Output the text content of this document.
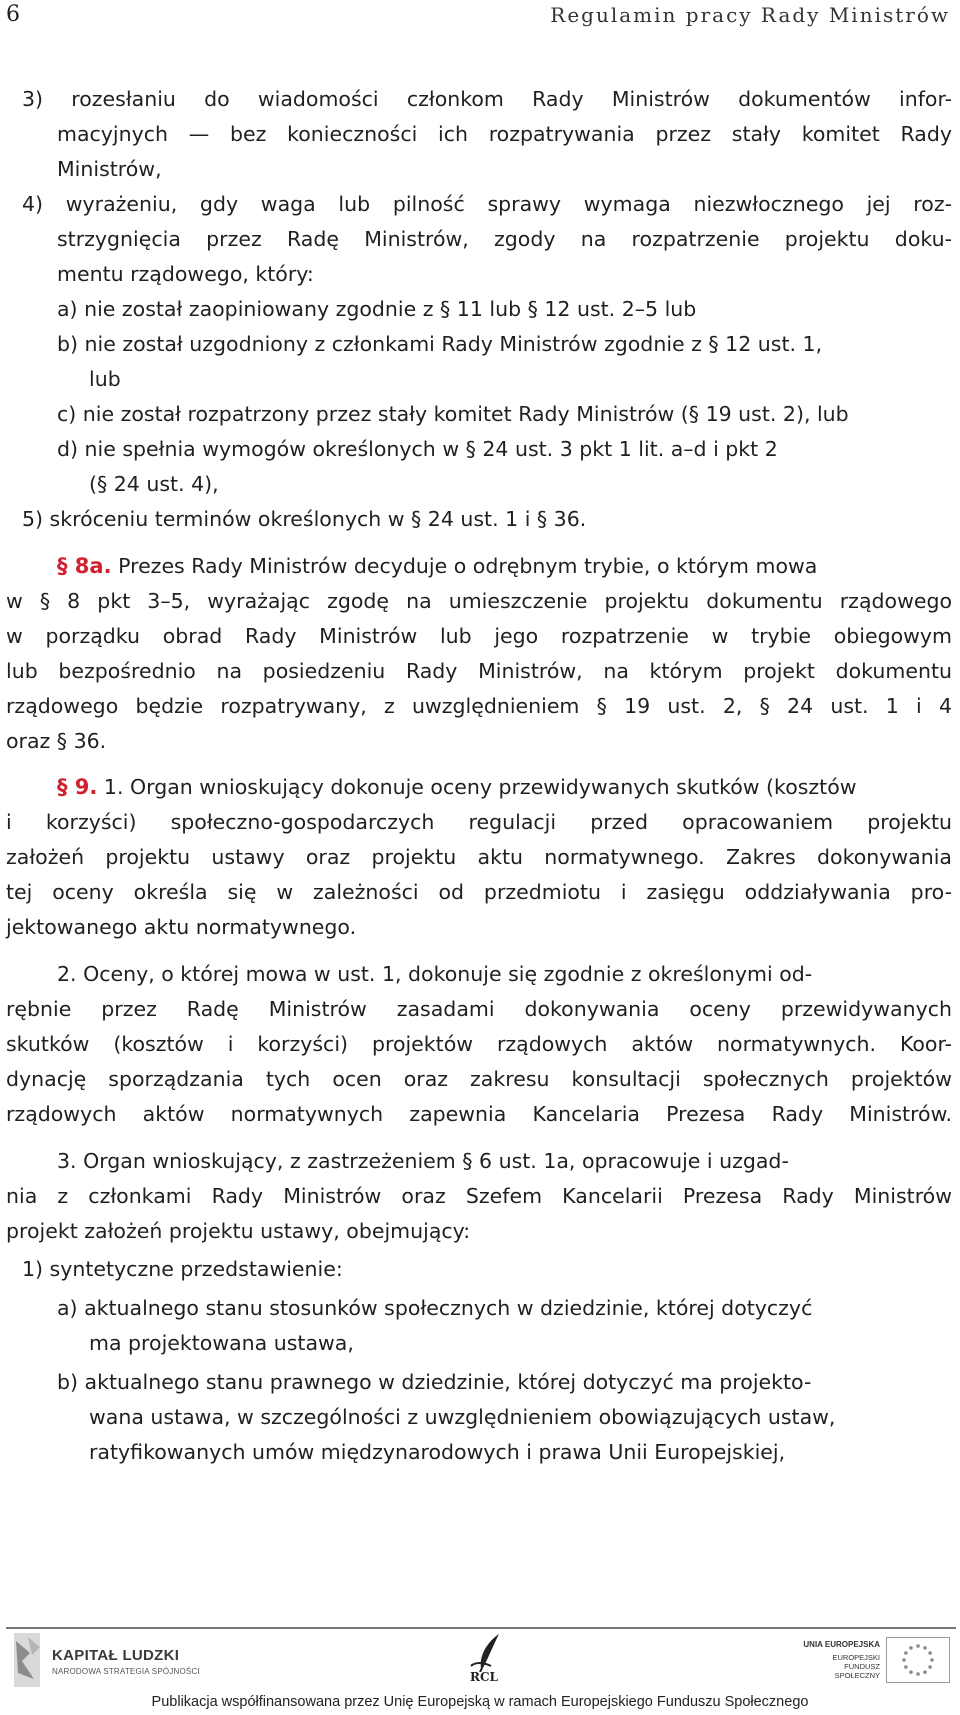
6	Regulamin pracy Rady Ministrów
3) rozesłaniu do wiadomości członkom Rady Ministrów dokumentów infor-
macyjnych — bez konieczności ich rozpatrywania przez stały komitet Rady
Ministrów,
4) wyrażeniu, gdy waga lub pilność sprawy wymaga niezwłocznego jej roz-
strzygnięcia przez Radę Ministrów, zgody na rozpatrzenie projektu doku-
mentu rządowego, który:
a) nie został zaopiniowany zgodnie z § 11 lub § 12 ust. 2–5 lub
b) nie został uzgodniony z członkami Rady Ministrów zgodnie z § 12 ust. 1,
lub
c) nie został rozpatrzony przez stały komitet Rady Ministrów (§ 19 ust. 2), lub
d) nie spełnia wymogów określonych w § 24 ust. 3 pkt 1 lit. a–d i pkt 2
(§ 24 ust. 4),
5) skróceniu terminów określonych w § 24 ust. 1 i § 36.
§ 8a. Prezes Rady Ministrów decyduje o odrębnym trybie, o którym mowa
w § 8 pkt 3–5, wyrażając zgodę na umieszczenie projektu dokumentu rządowego
w porządku obrad Rady Ministrów lub jego rozpatrzenie w trybie obiegowym
lub bezpośrednio na posiedzeniu Rady Ministrów, na którym projekt dokumentu
rządowego będzie rozpatrywany, z uwzględnieniem § 19 ust. 2, § 24 ust. 1 i 4
oraz § 36.
§ 9. 1. Organ wnioskujący dokonuje oceny przewidywanych skutków (kosztów
i korzyści) społeczno-gospodarczych regulacji przed opracowaniem projektu
założeń projektu ustawy oraz projektu aktu normatywnego. Zakres dokonywania
tej oceny określa się w zależności od przedmiotu i zasięgu oddziaływania pro-
jektowanego aktu normatywnego.
2. Oceny, o której mowa w ust. 1, dokonuje się zgodnie z określonymi od-
rębnie przez Radę Ministrów zasadami dokonywania oceny przewidywanych
skutków (kosztów i korzyści) projektów rządowych aktów normatywnych. Koor-
dynację sporządzania tych ocen oraz zakresu konsultacji społecznych projektów
rządowych aktów normatywnych zapewnia Kancelaria Prezesa Rady Ministrów.
3. Organ wnioskujący, z zastrzeżeniem § 6 ust. 1a, opracowuje i uzgad-
nia z członkami Rady Ministrów oraz Szefem Kancelarii Prezesa Rady Ministrów
projekt założeń projektu ustawy, obejmujący:
1) syntetyczne przedstawienie:
a) aktualnego stanu stosunków społecznych w dziedzinie, której dotyczyć
ma projektowana ustawa,
b) aktualnego stanu prawnego w dziedzinie, której dotyczyć ma projekto-
wana ustawa, w szczególności z uwzględnieniem obowiązujących ustaw,
ratyfikowanych umów międzynarodowych i prawa Unii Europejskiej,
KAPITAŁ LUDZKI
NARODOWA STRATEGIA SPÓJNOŚCI	RCL
UNIA EUROPEJSKA
EUROPEJSKI
FUNDUSZ SPOŁECZNY
Publikacja współfinansowana przez Unię Europejską w ramach Europejskiego Funduszu Społecznego
